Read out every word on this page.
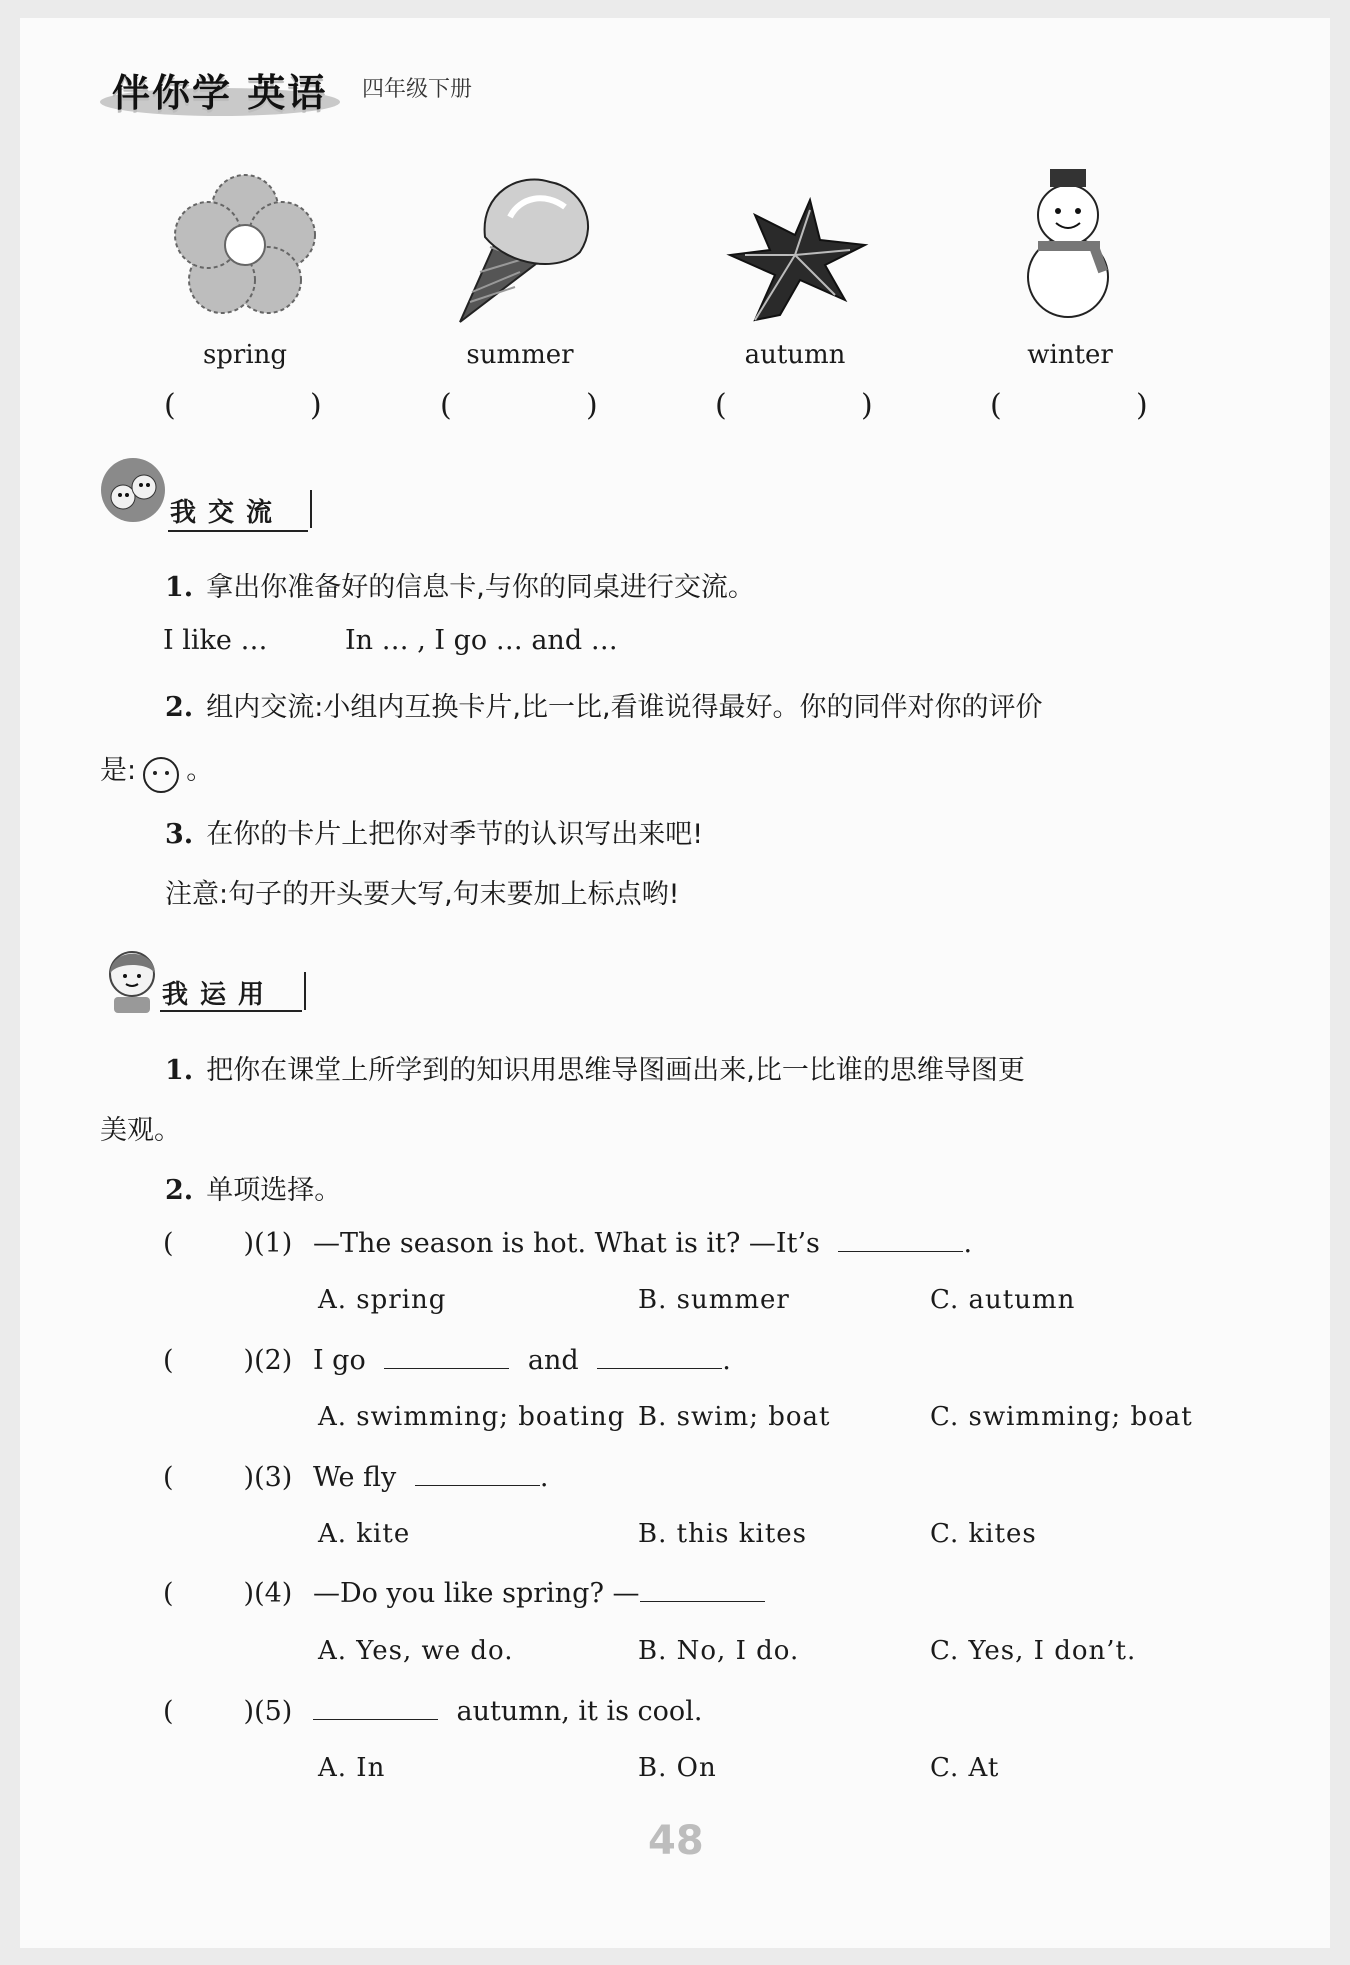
伴你学 英语 四年级下册
spring	summer	autumn	winter
(	)	(	)	(	)	(	)
我交流
1. 拿出你准备好的信息卡,与你的同桌进行交流。
I like …	In … , I go … and …
2. 组内交流:小组内互换卡片,比一比,看谁说得最好。你的同伴对你的评价
是: 。
3. 在你的卡片上把你对季节的认识写出来吧!
注意:句子的开头要大写,句末要加上标点哟!
我运用
1. 把你在课堂上所学到的知识用思维导图画出来,比一比谁的思维导图更
美观。
2. 单项选择。
(	)(1) —The season is hot. What is it? —It’s	.
A. spring	B. summer	C. autumn
(	)(2) I go	and	.
A. swimming; boating B. swim; boat	C. swimming; boat
(	)(3) We fly	.
A. kite	B. this kites	C. kites
(	)(4) —Do you like spring? —
A. Yes, we do.	B. No, I do.	C. Yes, I don’t.
(	)(5)	autumn, it is cool.
A. In	B. On	C. At
48
